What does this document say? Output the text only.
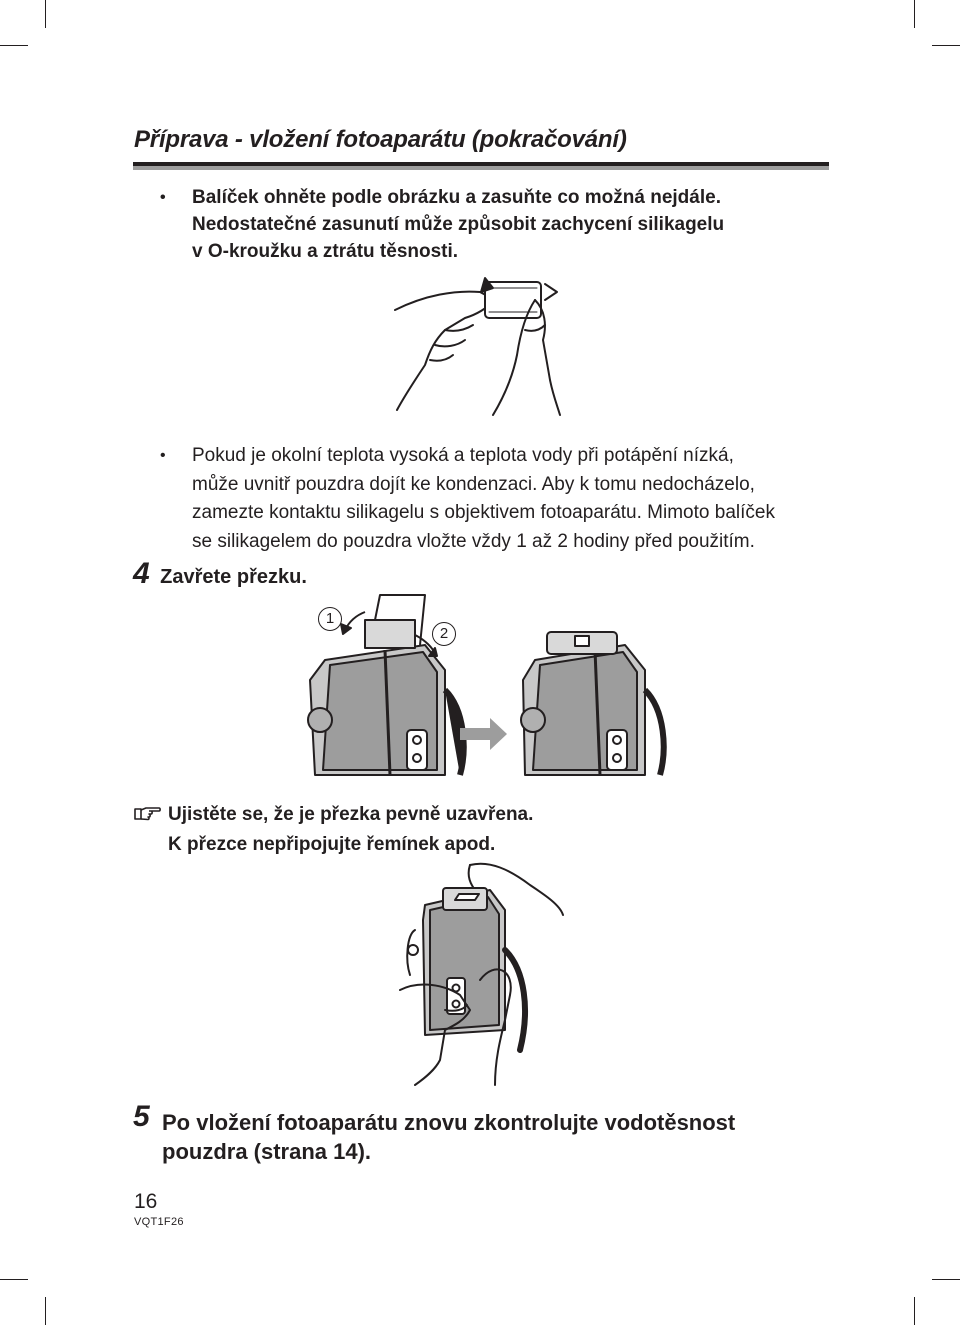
Příprava - vložení fotoaparátu (pokračování)
•	Balíček ohněte podle obrázku a zasuňte co možná nejdále.
Nedostatečné zasunutí může způsobit zachycení silikagelu
v O-kroužku a ztrátu těsnosti.
•	Pokud je okolní teplota vysoká a teplota vody při potápění nízká,
může uvnitř pouzdra dojít ke kondenzaci. Aby k tomu nedocházelo,
zamezte kontaktu silikagelu s objektivem fotoaparátu. Mimoto balíček
se silikagelem do pouzdra vložte vždy 1 až 2 hodiny před použitím.
4 Zavřete přezku.
1
2
Ujistěte se, že je přezka pevně uzavřena.
K přezce nepřipojujte řemínek apod.
5 Po vložení fotoaparátu znovu zkontrolujte vodotěsnost
pouzdra (strana 14).
16
VQT1F26
